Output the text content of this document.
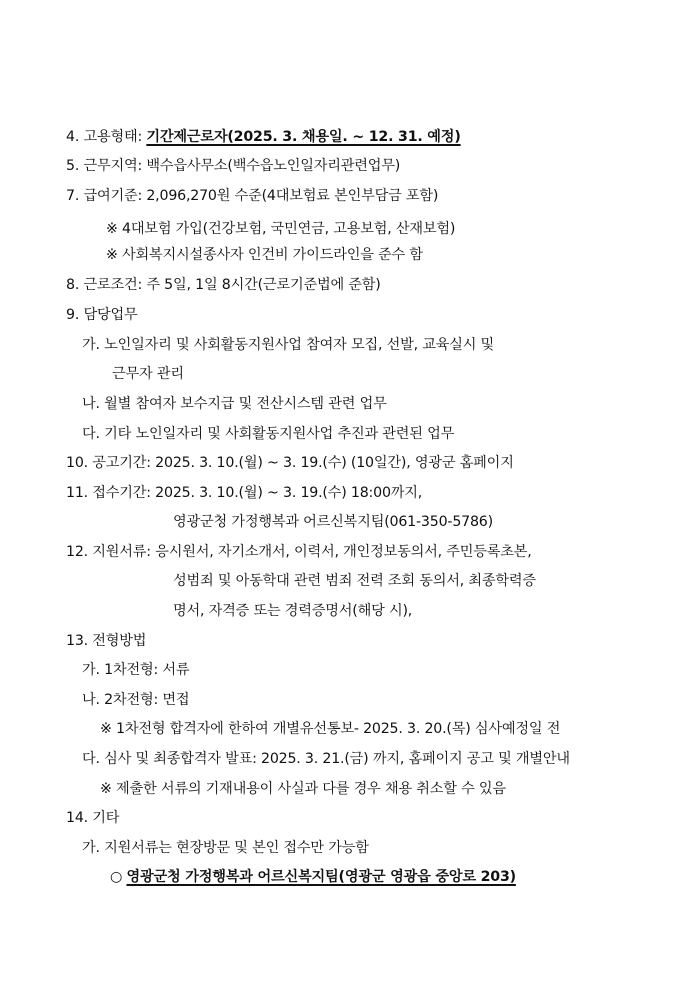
4. 고용형태: 기간제근로자(2025. 3. 채용일. ~ 12. 31. 예정)
5. 근무지역: 백수읍사무소(백수읍노인일자리관련업무)
7. 급여기준: 2,096,270원 수준(4대보험료 본인부담금 포함)
※ 4대보험 가입(건강보험, 국민연금, 고용보험, 산재보험)
※ 사회복지시설종사자 인건비 가이드라인을 준수 함
8. 근로조건: 주 5일, 1일 8시간(근로기준법에 준함)
9. 담당업무
가. 노인일자리 및 사회활동지원사업 참여자 모집, 선발, 교육실시 및
근무자 관리
나. 월별 참여자 보수지급 및 전산시스템 관련 업무
다. 기타 노인일자리 및 사회활동지원사업 추진과 관련된 업무
10. 공고기간: 2025. 3. 10.(월) ~ 3. 19.(수) (10일간), 영광군 홈페이지
11. 접수기간: 2025. 3. 10.(월) ~ 3. 19.(수) 18:00까지,
영광군청 가정행복과 어르신복지팀(061-350-5786)
12. 지원서류: 응시원서, 자기소개서, 이력서, 개인정보동의서, 주민등록초본,
성범죄 및 아동학대 관련 범죄 전력 조회 동의서, 최종학력증
명서, 자격증 또는 경력증명서(해당 시),
13. 전형방법
가. 1차전형: 서류
나. 2차전형: 면접
※ 1차전형 합격자에 한하여 개별유선통보- 2025. 3. 20.(목) 심사예정일 전
다. 심사 및 최종합격자 발표: 2025. 3. 21.(금) 까지, 홈페이지 공고 및 개별안내
※ 제출한 서류의 기재내용이 사실과 다를 경우 채용 취소할 수 있음
14. 기타
가. 지원서류는 현장방문 및 본인 접수만 가능함
○ 영광군청 가정행복과 어르신복지팀(영광군 영광읍 중앙로 203)
